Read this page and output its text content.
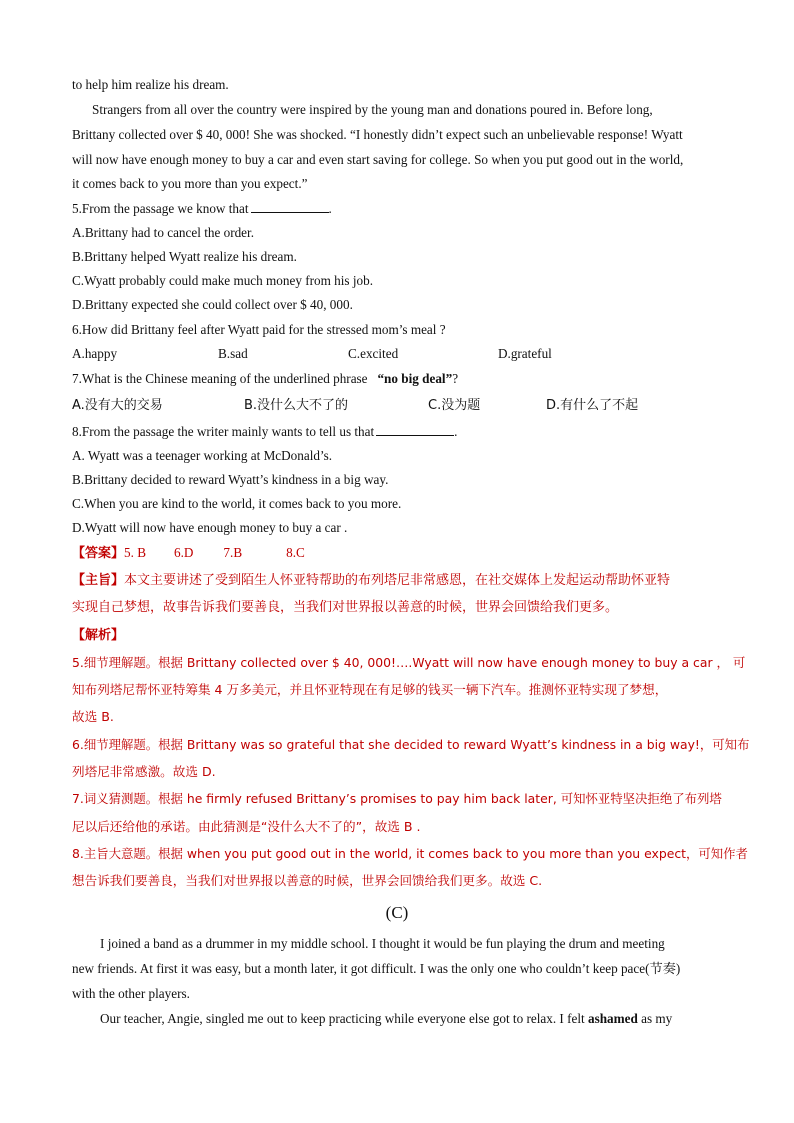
to help him realize his dream.
Strangers from all over the country were inspired by the young man and donations poured in. Before long,
Brittany collected over $ 40, 000! She was shocked. “I honestly didn’t expect such an unbelievable response! Wyatt
will now have enough money to buy a car and even start saving for college. So when you put good out in the world,
it comes back to you more than you expect.”
5.From the passage we know that	.
A.Brittany had to cancel the order.
B.Brittany helped Wyatt realize his dream.
C.Wyatt probably could make much money from his job.
D.Brittany expected she could collect over $ 40, 000.
6.How did Brittany feel after Wyatt paid for the stressed mom’s meal ?
A.happy	B.sad	C.excited	D.grateful
7.What is the Chinese meaning of the underlined phrase “no big deal”?
A.没有大的交易	B.没什么大不了的	C.没为题	D.有什么了不起
8.From the passage the writer mainly wants to tell us that	.
A. Wyatt was a teenager working at McDonald’s.
B.Brittany decided to reward Wyatt’s kindness in a big way.
C.When you are kind to the world, it comes back to you more.
D.Wyatt will now have enough money to buy a car .
【答案】5. B 6.D 7.B	8.C
【主旨】本文主要讲述了受到陌生人怀亚特帮助的布列塔尼非常感恩，在社交媒体上发起运动帮助怀亚特
实现自己梦想，故事告诉我们要善良，当我们对世界报以善意的时候，世界会回馈给我们更多。
【解析】
5.细节理解题。根据 Brittany collected over $ 40, 000!….Wyatt will now have enough money to buy a car ， 可
知布列塔尼帮怀亚特筹集 4 万多美元，并且怀亚特现在有足够的钱买一辆下汽车。推测怀亚特实现了梦想，
故选 B.
6.细节理解题。根据 Brittany was so grateful that she decided to reward Wyatt’s kindness in a big way!，可知布
列塔尼非常感激。故选 D.
7.词义猜测题。根据 he firmly refused Brittany’s promises to pay him back later, 可知怀亚特坚决拒绝了布列塔
尼以后还给他的承诺。由此猜测是“没什么大不了的”，故选 B .
8.主旨大意题。根据 when you put good out in the world, it comes back to you more than you expect，可知作者
想告诉我们要善良，当我们对世界报以善意的时候，世界会回馈给我们更多。故选 C.
(C)
I joined a band as a drummer in my middle school. I thought it would be fun playing the drum and meeting
new friends. At first it was easy, but a month later, it got difficult. I was the only one who couldn’t keep pace(节奏)
with the other players.
Our teacher, Angie, singled me out to keep practicing while everyone else got to relax. I felt ashamed as my
